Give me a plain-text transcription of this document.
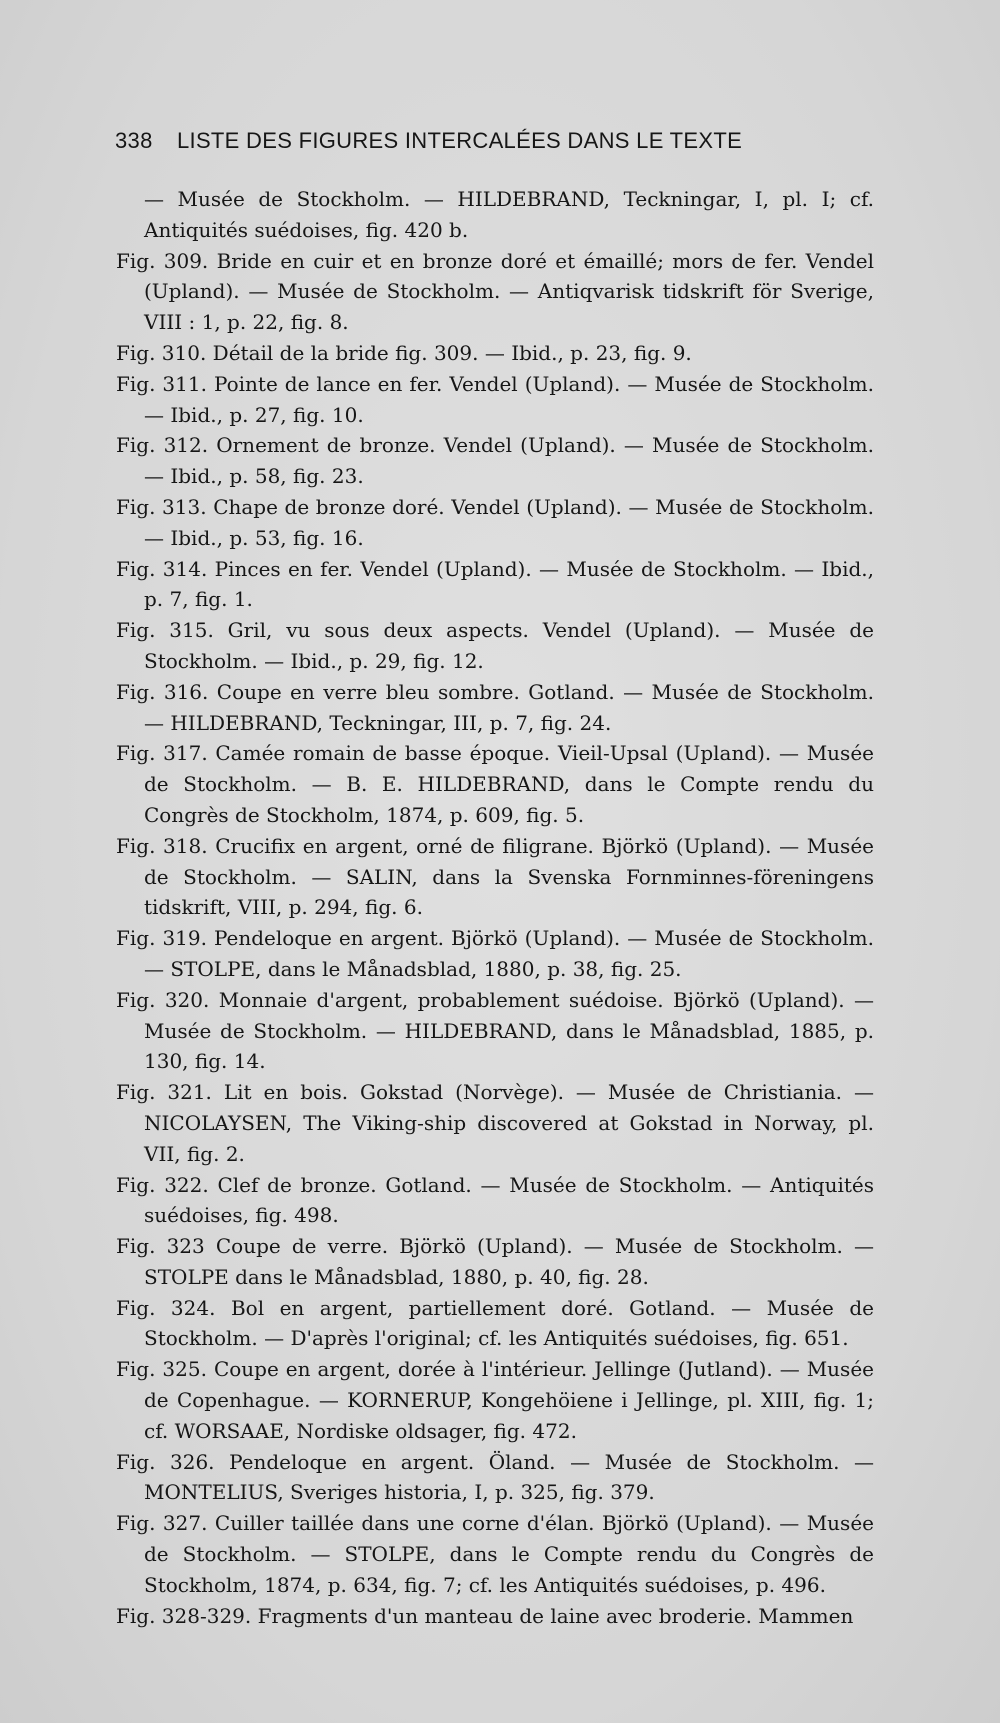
338	LISTE DES FIGURES INTERCALÉES DANS LE TEXTE

— Musée de Stockholm. — HILDEBRAND, Teckningar, I, pl. I; cf. Antiquités suédoises, fig. 420 b.

Fig. 309. Bride en cuir et en bronze doré et émaillé; mors de fer. Vendel (Upland). — Musée de Stockholm. — Antiqvarisk tidskrift för Sverige, VIII : 1, p. 22, fig. 8.

Fig. 310. Détail de la bride fig. 309. — Ibid., p. 23, fig. 9.

Fig. 311. Pointe de lance en fer. Vendel (Upland). — Musée de Stockholm. — Ibid., p. 27, fig. 10.

Fig. 312. Ornement de bronze. Vendel (Upland). — Musée de Stockholm. — Ibid., p. 58, fig. 23.

Fig. 313. Chape de bronze doré. Vendel (Upland). — Musée de Stockholm. — Ibid., p. 53, fig. 16.

Fig. 314. Pinces en fer. Vendel (Upland). — Musée de Stockholm. — Ibid., p. 7, fig. 1.

Fig. 315. Gril, vu sous deux aspects. Vendel (Upland). — Musée de Stockholm. — Ibid., p. 29, fig. 12.

Fig. 316. Coupe en verre bleu sombre. Gotland. — Musée de Stockholm. — HILDEBRAND, Teckningar, III, p. 7, fig. 24.

Fig. 317. Camée romain de basse époque. Vieil-Upsal (Upland). — Musée de Stockholm. — B. E. HILDEBRAND, dans le Compte rendu du Congrès de Stockholm, 1874, p. 609, fig. 5.

Fig. 318. Crucifix en argent, orné de filigrane. Björkö (Upland). — Musée de Stockholm. — SALIN, dans la Svenska Fornminnes-föreningens tidskrift, VIII, p. 294, fig. 6.

Fig. 319. Pendeloque en argent. Björkö (Upland). — Musée de Stockholm. — STOLPE, dans le Månadsblad, 1880, p. 38, fig. 25.

Fig. 320. Monnaie d'argent, probablement suédoise. Björkö (Upland). — Musée de Stockholm. — HILDEBRAND, dans le Månadsblad, 1885, p. 130, fig. 14.

Fig. 321. Lit en bois. Gokstad (Norvège). — Musée de Christiania. — NICOLAYSEN, The Viking-ship discovered at Gokstad in Norway, pl. VII, fig. 2.

Fig. 322. Clef de bronze. Gotland. — Musée de Stockholm. — Antiquités suédoises, fig. 498.

Fig. 323 Coupe de verre. Björkö (Upland). — Musée de Stockholm. — STOLPE dans le Månadsblad, 1880, p. 40, fig. 28.

Fig. 324. Bol en argent, partiellement doré. Gotland. — Musée de Stockholm. — D'après l'original; cf. les Antiquités suédoises, fig. 651.

Fig. 325. Coupe en argent, dorée à l'intérieur. Jellinge (Jutland). — Musée de Copenhague. — KORNERUP, Kongehöiene i Jellinge, pl. XIII, fig. 1; cf. WORSAAE, Nordiske oldsager, fig. 472.

Fig. 326. Pendeloque en argent. Öland. — Musée de Stockholm. — MONTELIUS, Sveriges historia, I, p. 325, fig. 379.

Fig. 327. Cuiller taillée dans une corne d'élan. Björkö (Upland). — Musée de Stockholm. — STOLPE, dans le Compte rendu du Congrès de Stockholm, 1874, p. 634, fig. 7; cf. les Antiquités suédoises, p. 496.

Fig. 328-329. Fragments d'un manteau de laine avec broderie. Mammen
